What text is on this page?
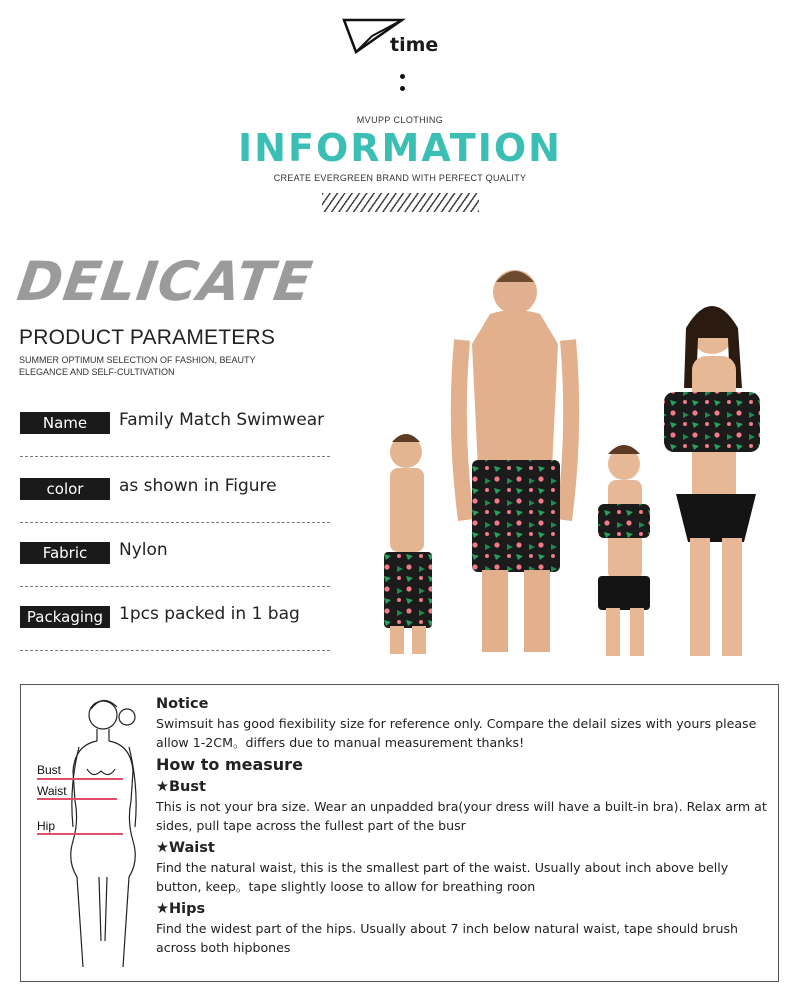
time
MVUPP CLOTHING
INFORMATION
CREATE EVERGREEN BRAND WITH PERFECT QUALITY
DELICATE
PRODUCT PARAMETERS
SUMMER OPTIMUM SELECTION OF FASHION, BEAUTY
ELEGANCE AND SELF-CULTIVATION
Name	Family Match Swimwear
color	as shown in Figure
Fabric	Nylon
Packaging 1pcs packed in 1 bag
Bust
Waist
Hip

Notice

Swimsuit has good fiexibility size for reference only. Compare the delail sizes with yours please allow 1-2CM。differs due to manual measurement thanks!

How to measure

★Bust

This is not your bra size. Wear an unpadded bra(your dress will have a built-in bra). Relax arm at sides, pull tape across the fullest part of the busr

★Waist

Find the natural waist, this is the smallest part of the waist. Usually about inch above belly button, keep。tape slightly loose to allow for breathing roon

★Hips

Find the widest part of the hips. Usually about 7 inch below natural waist, tape should brush across both hipbones
